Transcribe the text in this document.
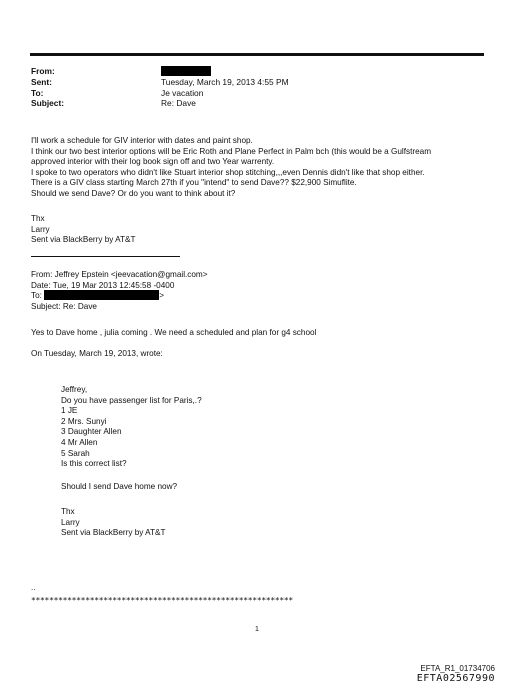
From:
Sent:	Tuesday, March 19, 2013 4:55 PM
To:	Je vacation
Subject:	Re: Dave
I'll work a schedule for GIV interior with dates and paint shop.
I think our two best interior options will be Eric Roth and Plane Perfect in Palm bch (this would be a Gulfstream
approved interior with their log book sign off and two Year warrenty.
I spoke to two operators who didn't like Stuart interior shop stitching,,,even Dennis didn't like that shop either.
There is a GIV class starting March 27th if you "intend" to send Dave?? $22,900 Simuflite.
Should we send Dave? Or do you want to think about it?
Thx
Larry
Sent via BlackBerry by AT&T
From: Jeffrey Epstein <jeevacation@gmail.com>
Date: Tue, 19 Mar 2013 12:45:58 -0400
To:	>
Subject: Re: Dave
Yes to Dave home , julia coming . We need a scheduled and plan for g4 school
On Tuesday, March 19, 2013, wrote:
Jeffrey,
Do you have passenger list for Paris,.?
1 JE
2 Mrs. Sunyi
3 Daughter Allen
4 Mr Allen
5 Sarah
Is this correct list?
Should I send Dave home now?
Thx
Larry
Sent via BlackBerry by AT&T
..
**********************************************************
1
EFTA_R1_01734706
EFTA02567990
